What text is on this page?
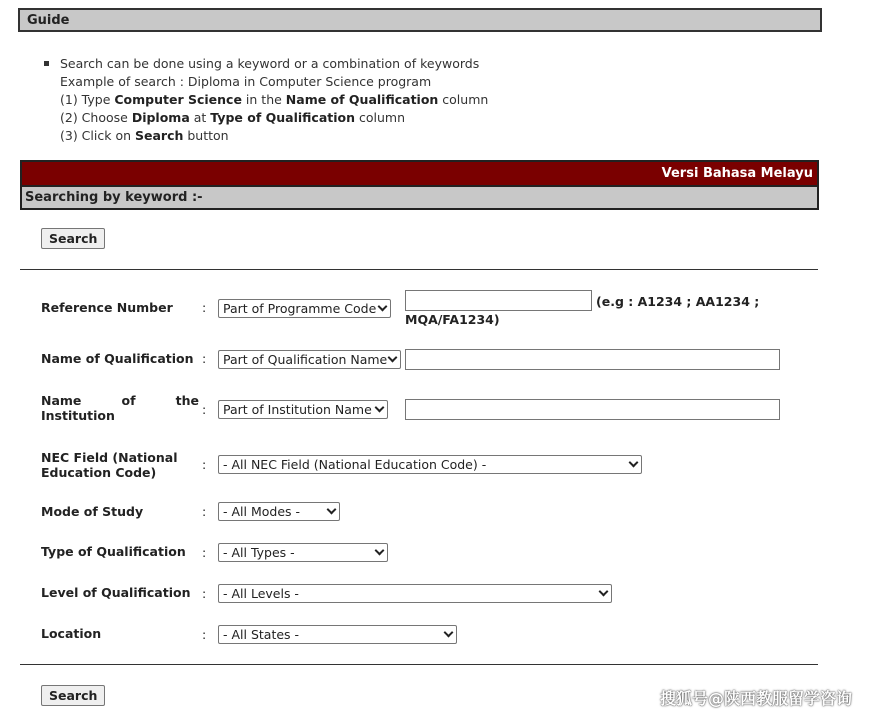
Guide
Search can be done using a keyword or a combination of keywords
Example of search : Diploma in Computer Science program
(1) Type Computer Science in the Name of Qualification column
(2) Choose Diploma at Type of Qualification column
(3) Click on Search button
Versi Bahasa Melayu
Searching by keyword :-
Search
Reference Number :	Part of Programme Code	(e.g : A1234 ; AA1234 ;
MQA/FA1234)
Name of Qualification :	Part of Qualification Name
Name	of	the
Institution	:	Part of Institution Name
NEC Field (National
Education Code)
:	- All NEC Field (National Education Code) -
Mode of Study	:	- All Modes -
Type of Qualification :	- All Types -
Level of Qualification :	- All Levels -
Location	:	- All States -
Search	搜狐号@陕西教服留学咨询
